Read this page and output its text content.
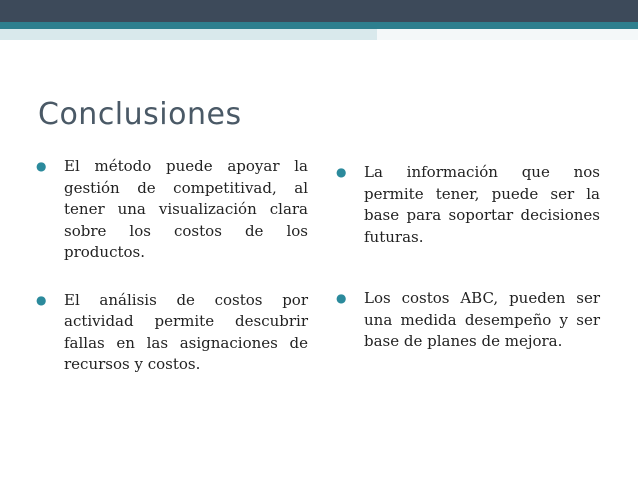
Conclusiones
● El método puede apoyar la gestión de competitivad, al tener una visualización clara sobre los costos de los productos.
● El análisis de costos por actividad permite descubrir fallas en las asignaciones de recursos y costos.
● La información que nos permite tener, puede ser la base para soportar decisiones futuras.
● Los costos ABC, pueden ser una medida desempeño y ser base de planes de mejora.
